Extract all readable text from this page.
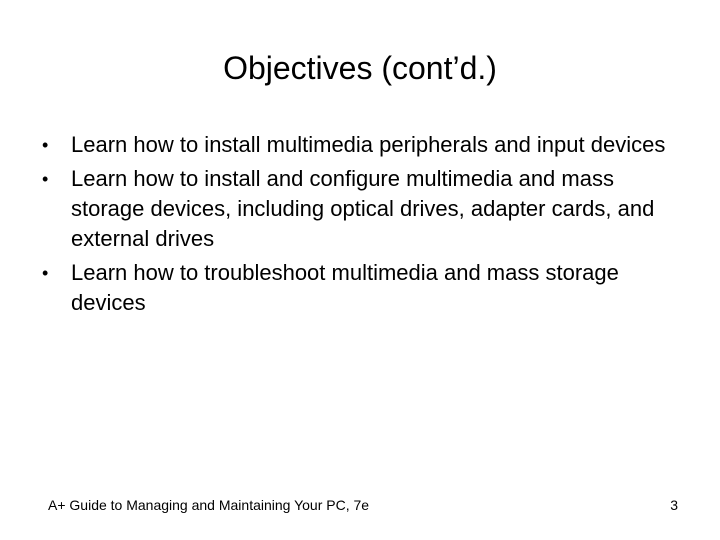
Objectives (cont’d.)
• Learn how to install multimedia peripherals and input devices
• Learn how to install and configure multimedia and mass storage devices, including optical drives, adapter cards, and external drives
• Learn how to troubleshoot multimedia and mass storage devices
A+ Guide to Managing and Maintaining Your PC, 7e	3
